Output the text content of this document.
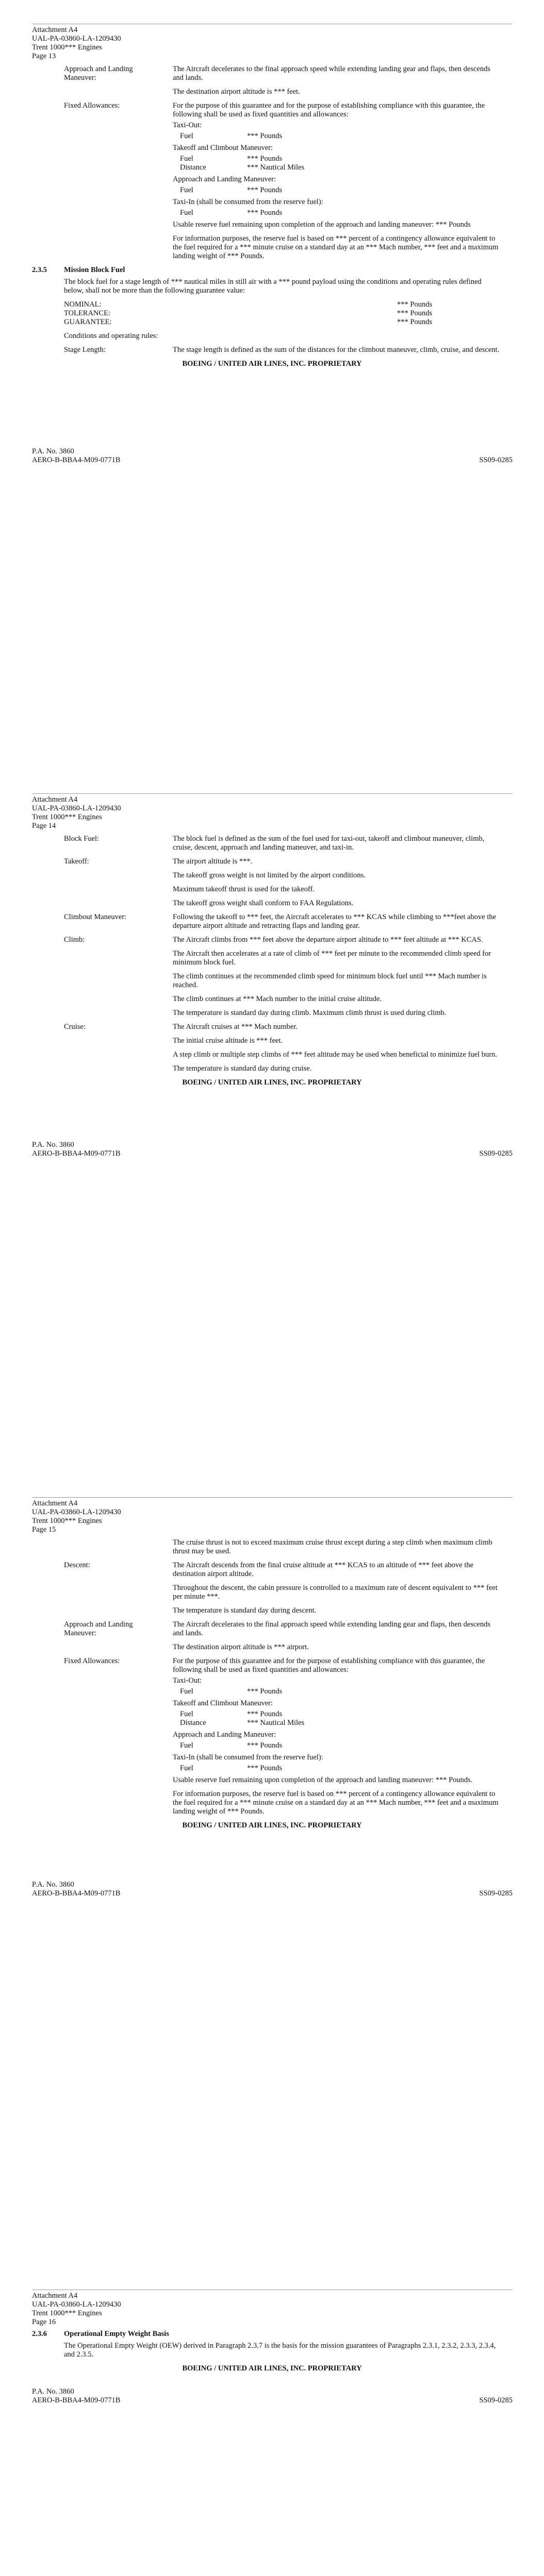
Attachment A4
UAL-PA-03860-LA-1209430
Trent 1000*** Engines
Page 13
Approach and Landing Maneuver:

The Aircraft decelerates to the final approach speed while extending landing gear and flaps, then descends and lands.

The destination airport altitude is *** feet.

Fixed Allowances:	For the purpose of this guarantee and for the purpose of establishing compliance with this guarantee, the following shall be used as fixed quantities and allowances:

Taxi-Out:

Fuel	*** Pounds

Takeoff and Climbout Maneuver:

Fuel	*** Pounds
Distance	*** Nautical Miles

Approach and Landing Maneuver:

Fuel	*** Pounds

Taxi-In (shall be consumed from the reserve fuel):

Fuel	*** Pounds

Usable reserve fuel remaining upon completion of the approach and landing maneuver: *** Pounds

For information purposes, the reserve fuel is based on *** percent of a contingency allowance equivalent to the fuel required for a *** minute cruise on a standard day at an *** Mach number, *** feet and a maximum landing weight of *** Pounds.

2.3.5 Mission Block Fuel

The block fuel for a stage length of *** nautical miles in still air with a *** pound payload using the conditions and operating rules defined below, shall not be more than the following guarantee value:

NOMINAL:	*** Pounds
TOLERANCE:	*** Pounds
GUARANTEE:	*** Pounds

Conditions and operating rules:

Stage Length:	The stage length is defined as the sum of the distances for the climbout maneuver, climb, cruise, and descent.

BOEING / UNITED AIR LINES, INC. PROPRIETARY
P.A. No. 3860
AERO-B-BBA4-M09-0771B	SS09-0285
Attachment A4
UAL-PA-03860-LA-1209430
Trent 1000*** Engines
Page 14
Block Fuel:	The block fuel is defined as the sum of the fuel used for taxi-out, takeoff and climbout maneuver, climb, cruise, descent, approach and landing maneuver, and taxi-in.

Takeoff:	The airport altitude is ***.

The takeoff gross weight is not limited by the airport conditions.

Maximum takeoff thrust is used for the takeoff.

The takeoff gross weight shall conform to FAA Regulations.

Climbout Maneuver:	Following the takeoff to *** feet, the Aircraft accelerates to *** KCAS while climbing to ***feet above the departure airport altitude and retracting flaps and landing gear.

Climb:	The Aircraft climbs from *** feet above the departure airport altitude to *** feet altitude at *** KCAS.

The Aircraft then accelerates at a rate of climb of *** feet per minute to the recommended climb speed for minimum block fuel.

The climb continues at the recommended climb speed for minimum block fuel until *** Mach number is reached.

The climb continues at *** Mach number to the initial cruise altitude.

The temperature is standard day during climb. Maximum climb thrust is used during climb.

Cruise:	The Aircraft cruises at *** Mach number.

The initial cruise altitude is *** feet.

A step climb or multiple step climbs of *** feet altitude may be used when beneficial to minimize fuel burn.

The temperature is standard day during cruise.

BOEING / UNITED AIR LINES, INC. PROPRIETARY
P.A. No. 3860
AERO-B-BBA4-M09-0771B	SS09-0285
Attachment A4
UAL-PA-03860-LA-1209430
Trent 1000*** Engines
Page 15

The cruise thrust is not to exceed maximum cruise thrust except during a step climb when maximum climb thrust may be used.

Descent:	The Aircraft descends from the final cruise altitude at *** KCAS to an altitude of *** feet above the destination airport altitude.

Throughout the descent, the cabin pressure is controlled to a maximum rate of descent equivalent to *** feet per minute ***.

The temperature is standard day during descent.

Approach and Landing Maneuver:

The Aircraft decelerates to the final approach speed while extending landing gear and flaps, then descends and lands.

The destination airport altitude is *** airport.

Fixed Allowances:	For the purpose of this guarantee and for the purpose of establishing compliance with this guarantee, the following shall be used as fixed quantities and allowances:

Taxi-Out:

Fuel	*** Pounds

Takeoff and Climbout Maneuver:

Fuel	*** Pounds
Distance	*** Nautical Miles

Approach and Landing Maneuver:

Fuel	*** Pounds

Taxi-In (shall be consumed from the reserve fuel):

Fuel	*** Pounds

Usable reserve fuel remaining upon completion of the approach and landing maneuver: *** Pounds.

For information purposes, the reserve fuel is based on *** percent of a contingency allowance equivalent to the fuel required for a *** minute cruise on a standard day at an *** Mach number, *** feet and a maximum landing weight of *** Pounds.

BOEING / UNITED AIR LINES, INC. PROPRIETARY
P.A. No. 3860
AERO-B-BBA4-M09-0771B	SS09-0285
Attachment A4
UAL-PA-03860-LA-1209430
Trent 1000*** Engines
Page 16
2.3.6 Operational Empty Weight Basis

The Operational Empty Weight (OEW) derived in Paragraph 2.3.7 is the basis for the mission guarantees of Paragraphs 2.3.1, 2.3.2, 2.3.3, 2.3.4, and 2.3.5.

BOEING / UNITED AIR LINES, INC. PROPRIETARY
P.A. No. 3860
AERO-B-BBA4-M09-0771B	SS09-0285
